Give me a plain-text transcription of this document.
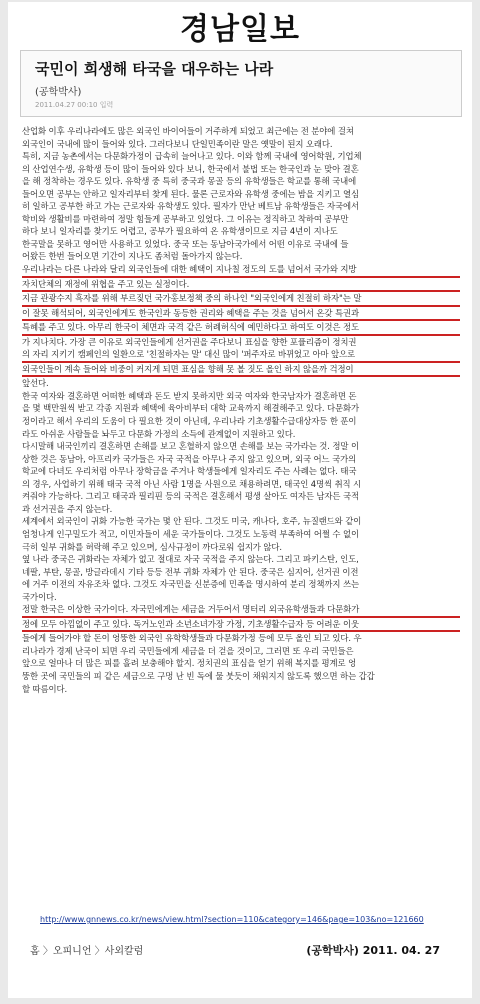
경남일보
국민이 희생해 타국을 대우하는 나라
(공학박사)
2011.04.27 00:10 입력
산업화 이후 우리나라에도 많은 외국인 바이어들이 거주하게 되었고 최근에는 전 분야에 걸쳐
외국인이 국내에 많이 들어와 있다. 그러다보니 단일민족이란 말은 옛말이 된지 오래다.
특히, 지금 농촌에서는 다문화가정이 급속히 늘어나고 있다. 이와 함께 국내에 영어학원, 기업체
의 산업연수생, 유학생 등이 많이 들어와 있다 보니, 한국에서 불법 또는 한국인과 눈 맞아 결혼
을 해 정착하는 경우도 있다. 유학생 중 특히 중국과 몽골 등의 유학생들은 학교를 통해 국내에
들어오면 공부는 안하고 일자리부터 찾게 된다. 물론 근로자와 유학생 중에는 밤을 지키고 열심
히 일하고 공부한 하고 가는 근로자와 유학생도 있다. 필자가 만난 베트남 유학생들은 자국에서
학비와 생활비를 마련하여 정말 힘들게 공부하고 있었다. 그 이유는 정직하고 착하여 공부만
하다 보니 일자리를 찾기도 어렵고, 공부가 필요하여 온 유학생이므로 지금 4년이 지나도
한국말을 못하고 영어만 사용하고 있었다. 중국 또는 동남아국가에서 어떤 이유로 국내에 들
어왔든 한번 들어오면 기간이 지나도 좀처럼 돌아가지 않는다.
우리나라는 다른 나라와 달리 외국인들에 대한 혜택이 지나칠 정도의 도를 넘어서 국가와 지방
자치단체의 재정에 위협을 주고 있는 실정이다.
지금 관광수지 흑자를 위해 부르짖던 국가홍보정책 중의 하나인 "외국인에게 친절히 하자"는 말
이 잘못 해석되어, 외국인에게도 한국인과 동등한 권리와 혜택을 주는 것을 넘어서 온갖 특권과
특혜를 주고 있다. 아무리 한국이 체면과 국격 같은 허례허식에 예민하다고 하여도 이것은 정도
가 지나치다. 가장 큰 이유로 외국인들에게 선거권을 주다보니 표심을 향한 포퓰리즘이 정치권
의 자리 지키기 캠페인의 일환으로 '친절하자는 말' 대신 많이 '퍼주자로 바뀌었고 아마 앞으로
외국인들이 계속 들어와 비중이 커지게 되면 표심을 향해 못 볼 짓도 올인 하지 않을까 걱정이
앞선다.
한국 여자와 결혼하면 어떠한 혜택과 돈도 받지 못하지만 외국 여자와 한국남자가 결혼하면 돈
을 몇 백만원씩 받고 각종 지원과 혜택에 육아비부터 대학 교육까지 해결해주고 있다. 다문화가
정이라고 해서 우리의 도움이 다 필요한 것이 아닌데, 우리나라 기초생활수급대상자등 한 푼이
라도 아쉬운 사람들을 놔두고 다문화 가정의 소득에 관계없이 지원하고 있다.
다시말해 내국인끼리 결혼하면 손해를 보고 혼혈하지 않으면 손해를 보는 국가라는 것. 정말 이
상한 것은 동남아, 아프리카 국가들은 자국 국적을 아무나 주지 않고 있으며, 외국 어느 국가의
학교에 다녀도 우리처럼 아무나 장학금을 주거나 학생들에게 일자리도 주는 사례는 없다. 태국
의 경우, 사업하기 위해 태국 국적 아닌 사람 1명을 사원으로 채용하려면, 태국인 4명씩 취직 시
켜줘야 가능하다. 그리고 태국과 필리핀 등의 국적은 결혼해서 평생 살아도 여자든 남자든 국적
과 선거권을 주지 않는다.
세계에서 외국인이 귀화 가능한 국가는 몇 안 된다. 그것도 미국, 캐나다, 호주, 뉴질랜드와 같이
엄청나게 인구밀도가 적고, 이민자들이 세운 국가들이다. 그것도 노동력 부족하여 어쩔 수 없이
극히 일부 귀화를 허락해 주고 있으며, 심사규정이 까다로워 쉽지가 않다.
옆 나라 중국은 귀화라는 자체가 없고 절대로 자국 국적을 주지 않는다. 그리고 파키스탄, 인도,
네팔, 부탄, 몽골, 방글라데시 기타 등등 전부 귀화 자체가 안 된다. 중국은 심지어, 선거권 이전
에 거주 이전의 자유조차 없다. 그것도 자국민을 신분증에 민족을 명시하여 분리 정책까지 쓰는
국가이다.
정말 한국은 이상한 국가이다. 자국민에게는 세금을 거두어서 명터리 외국유학생들과 다문화가
정에 모두 아낌없이 주고 있다. 독거노인과 소년소녀가장 가정, 기초생활수급자 등 어려운 이웃
들에게 들어가야 할 돈이 엉뚱한 외국인 유학학생들과 다문화가정 등에 모두 올인 되고 있다. 우
리나라가 경제 난국이 되면 우리 국민들에게 세금을 더 걷을 것이고, 그러면 또 우리 국민들은
앞으로 얼마나 더 많은 피를 흘려 보충해야 할지. 정치권의 표심을 얻기 위해 복지를 평계로 엉
뚱한 곳에 국민들의 피 같은 세금으로 구멍 난 빈 독에 물 붓듯이 채워지지 않도록 했으면 하는 갑갑
할 따름이다.
http://www.gnnews.co.kr/news/view.html?section=110&category=146&page=103&no=121660
홈 〉오피니언 〉사외칼럼	(공학박사) 2011. 04. 27
